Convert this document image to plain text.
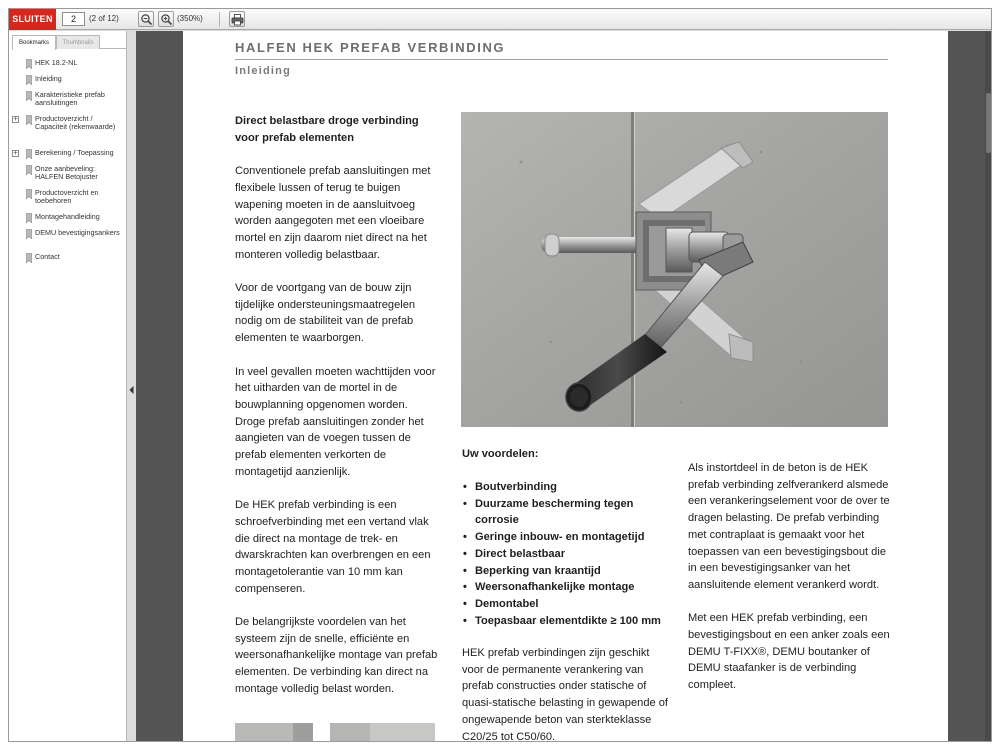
SLUITEN	2	(2 of 12)	(350%)
Bookmarks	Thumbnails
HEK 18.2-NL
Inleiding
Karakteristieke prefab aansluitingen
+ Productoverzicht / Capaciteit (rekenwaarde)
+ Berekening / Toepassing
Onze aanbeveling: HALFEN Betojuster
Productoverzicht en toebehoren
Montagehandleiding
DEMU bevestigingsankers
Contact
HALFEN HEK PREFAB VERBINDING
Inleiding

Direct belastbare droge verbinding voor prefab elementen

Conventionele prefab aansluitingen met flexibele lussen of terug te buigen wapening moeten in de aansluitvoeg worden aangegoten met een vloeibare mortel en zijn daarom niet direct na het monteren volledig belastbaar.

Voor de voortgang van de bouw zijn tijdelijke ondersteuningsmaatregelen nodig om de stabiliteit van de prefab elementen te waarborgen.

In veel gevallen moeten wachttijden voor het uitharden van de mortel in de bouwplanning opgenomen worden. Droge prefab aansluitingen zonder het aangieten van de voegen tussen de prefab elementen verkorten de montagetijd aanzienlijk.

De HEK prefab verbinding is een schroefverbinding met een vertand vlak die direct na montage de trek- en dwarskrachten kan overbrengen en een montagetolerantie van 10 mm kan compenseren.

De belangrijkste voordelen van het systeem zijn de snelle, efficiënte en weersonafhankelijke montage van prefab elementen. De verbinding kan direct na montage volledig belast worden.

Uw voordelen:
• Boutverbinding
• Duurzame bescherming tegen corrosie
• Geringe inbouw- en montagetijd
• Direct belastbaar
• Beperking van kraantijd
• Weersonafhankelijke montage
• Demontabel
• Toepasbaar elementdikte ≥ 100 mm
HEK prefab verbindingen zijn geschikt voor de permanente verankering van prefab constructies onder statische of quasi-statische belasting in gewapende of ongewapende beton van sterkteklasse C20/25 tot C50/60.

Als instortdeel in de beton is de HEK prefab verbinding zelfverankerd alsmede een verankeringselement voor de over te dragen belasting. De prefab verbinding met contraplaat is gemaakt voor het toepassen van een bevestigingsbout die in een bevestigingsanker van het aansluitende element verankerd wordt.

Met een HEK prefab verbinding, een bevestigingsbout en een anker zoals een DEMU T-FIXX®, DEMU boutanker of DEMU staafanker is de verbinding compleet.
